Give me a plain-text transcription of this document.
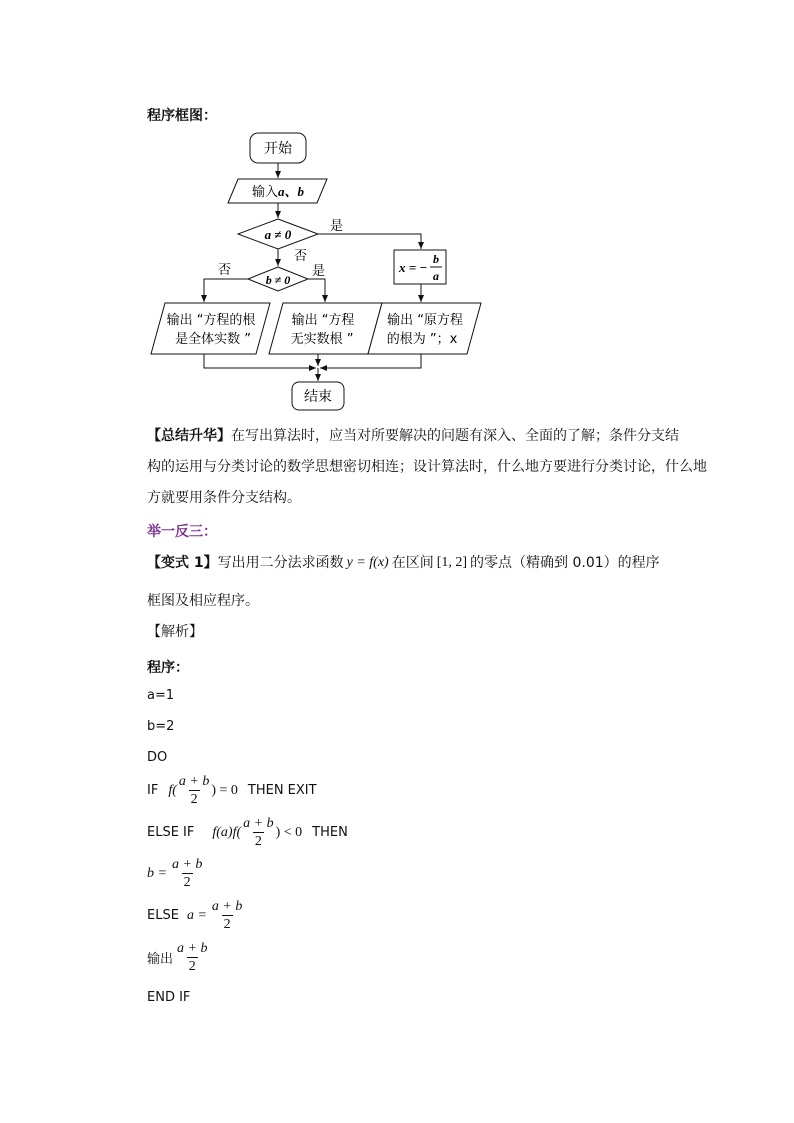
程序框图：
开始
输入a、b
a ≠ 0
是
否
x = −
b
a
b ≠ 0
否	是
输出 “方程的根
是全体实数 ”
输出 “方程
无实数根 ”
输出 “原方程
的根为 ”；x
结束
【总结升华】在写出算法时，应当对所要解决的问题有深入、全面的了解；条件分支结
构的运用与分类讨论的数学思想密切相连；设计算法时，什么地方要进行分类讨论，什么地
方就要用条件分支结构。
举一反三：
【变式 1】 写出用二分法求函数 y = f(x) 在区间 [1, 2] 的零点（精确到 0.01）的程序
框图及相应程序。
【解析】
程序：
a=1
b=2
DO
IF $f( \frac{a + b}{2}$ ) = 0 THEN EXIT
ELSE IF $f(a)f( \frac{a + b}{2}$ ) < 0 THEN
$b = \frac{a + b}{2}$
ELSE $a = \frac{a + b}{2}$
输出 $\frac{a + b}{2}$
END IF
